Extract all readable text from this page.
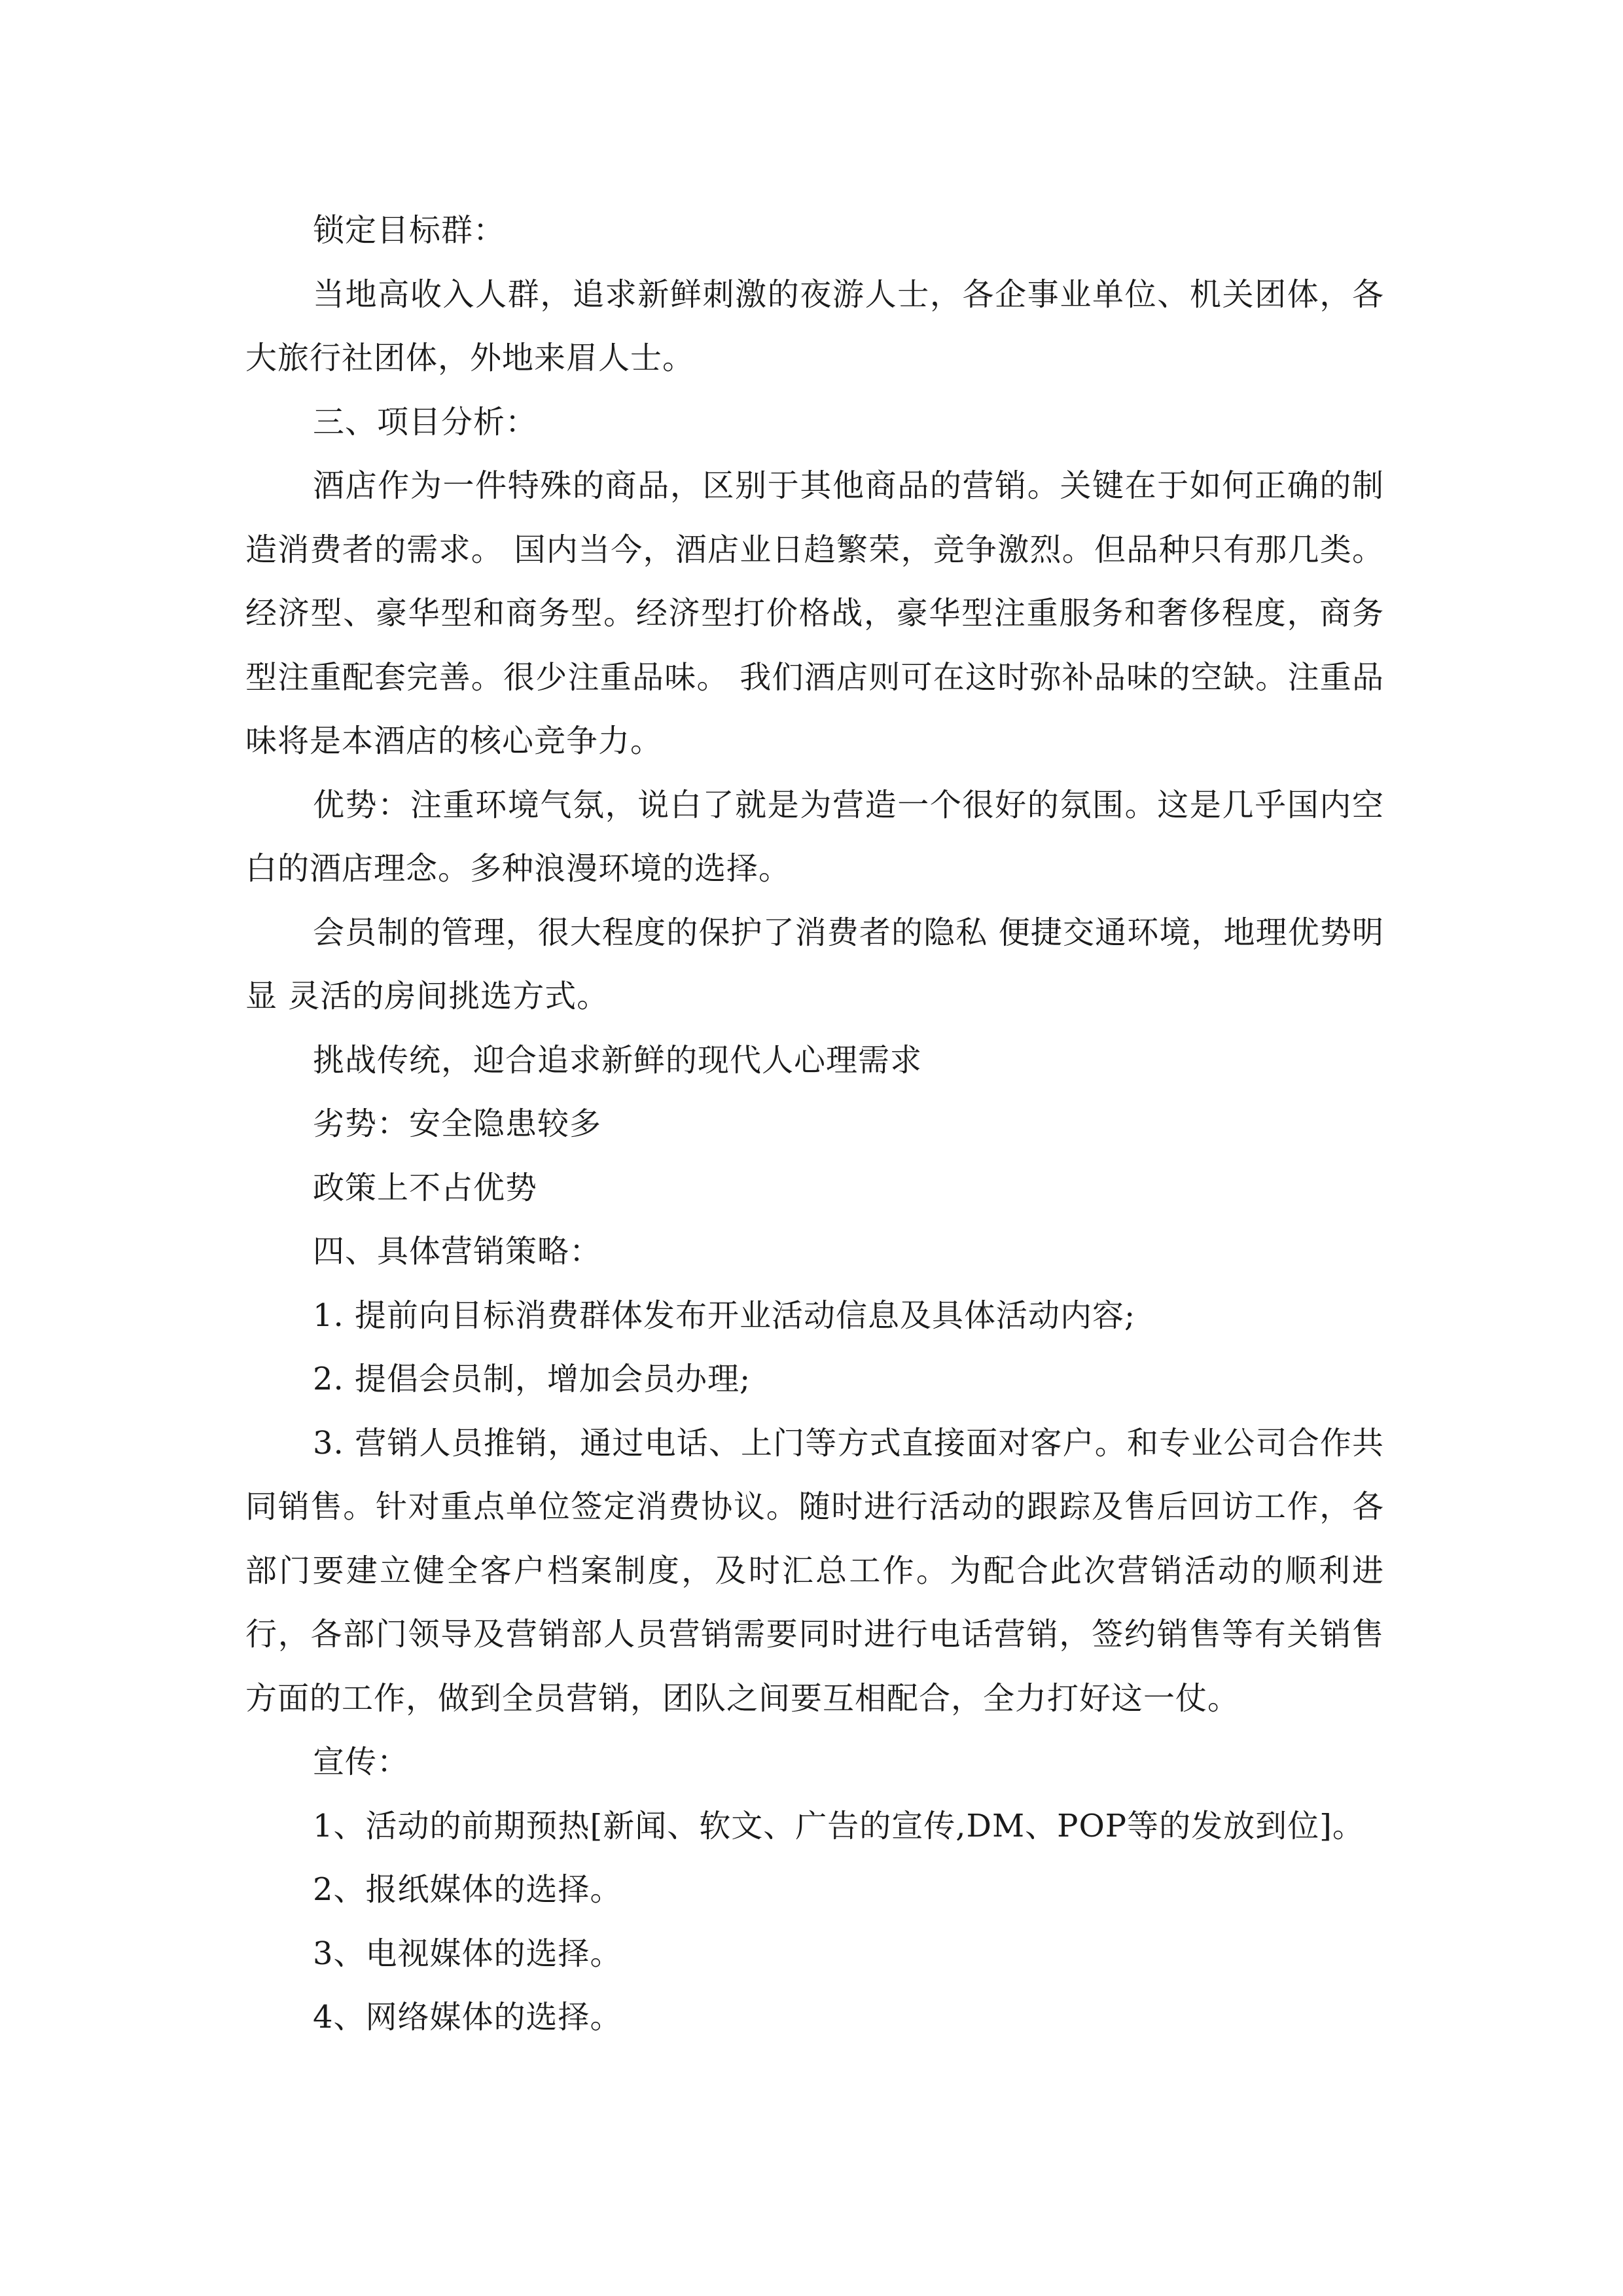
锁定目标群：

当地高收入人群，追求新鲜刺激的夜游人士，各企事业单位、机关团体，各大旅行社团体，外地来眉人士。

三、项目分析：

酒店作为一件特殊的商品，区别于其他商品的营销。关键在于如何正确的制造消费者的需求。 国内当今，酒店业日趋繁荣，竞争激烈。但品种只有那几类。经济型、豪华型和商务型。经济型打价格战，豪华型注重服务和奢侈程度，商务型注重配套完善。很少注重品味。 我们酒店则可在这时弥补品味的空缺。注重品味将是本酒店的核心竞争力。

优势：注重环境气氛，说白了就是为营造一个很好的氛围。这是几乎国内空白的酒店理念。多种浪漫环境的选择。

会员制的管理，很大程度的保护了消费者的隐私 便捷交通环境，地理优势明显 灵活的房间挑选方式。

挑战传统，迎合追求新鲜的现代人心理需求

劣势：安全隐患较多

政策上不占优势

四、具体营销策略：

1. 提前向目标消费群体发布开业活动信息及具体活动内容;

2. 提倡会员制，增加会员办理;

3. 营销人员推销，通过电话、上门等方式直接面对客户。和专业公司合作共同销售。针对重点单位签定消费协议。随时进行活动的跟踪及售后回访工作，各部门要建立健全客户档案制度，及时汇总工作。为配合此次营销活动的顺利进行，各部门领导及营销部人员营销需要同时进行电话营销，签约销售等有关销售方面的工作，做到全员营销，团队之间要互相配合，全力打好这一仗。

宣传：

1、活动的前期预热[新闻、软文、广告的宣传,DM、POP等的发放到位]。

2、报纸媒体的选择。

3、电视媒体的选择。

4、网络媒体的选择。
